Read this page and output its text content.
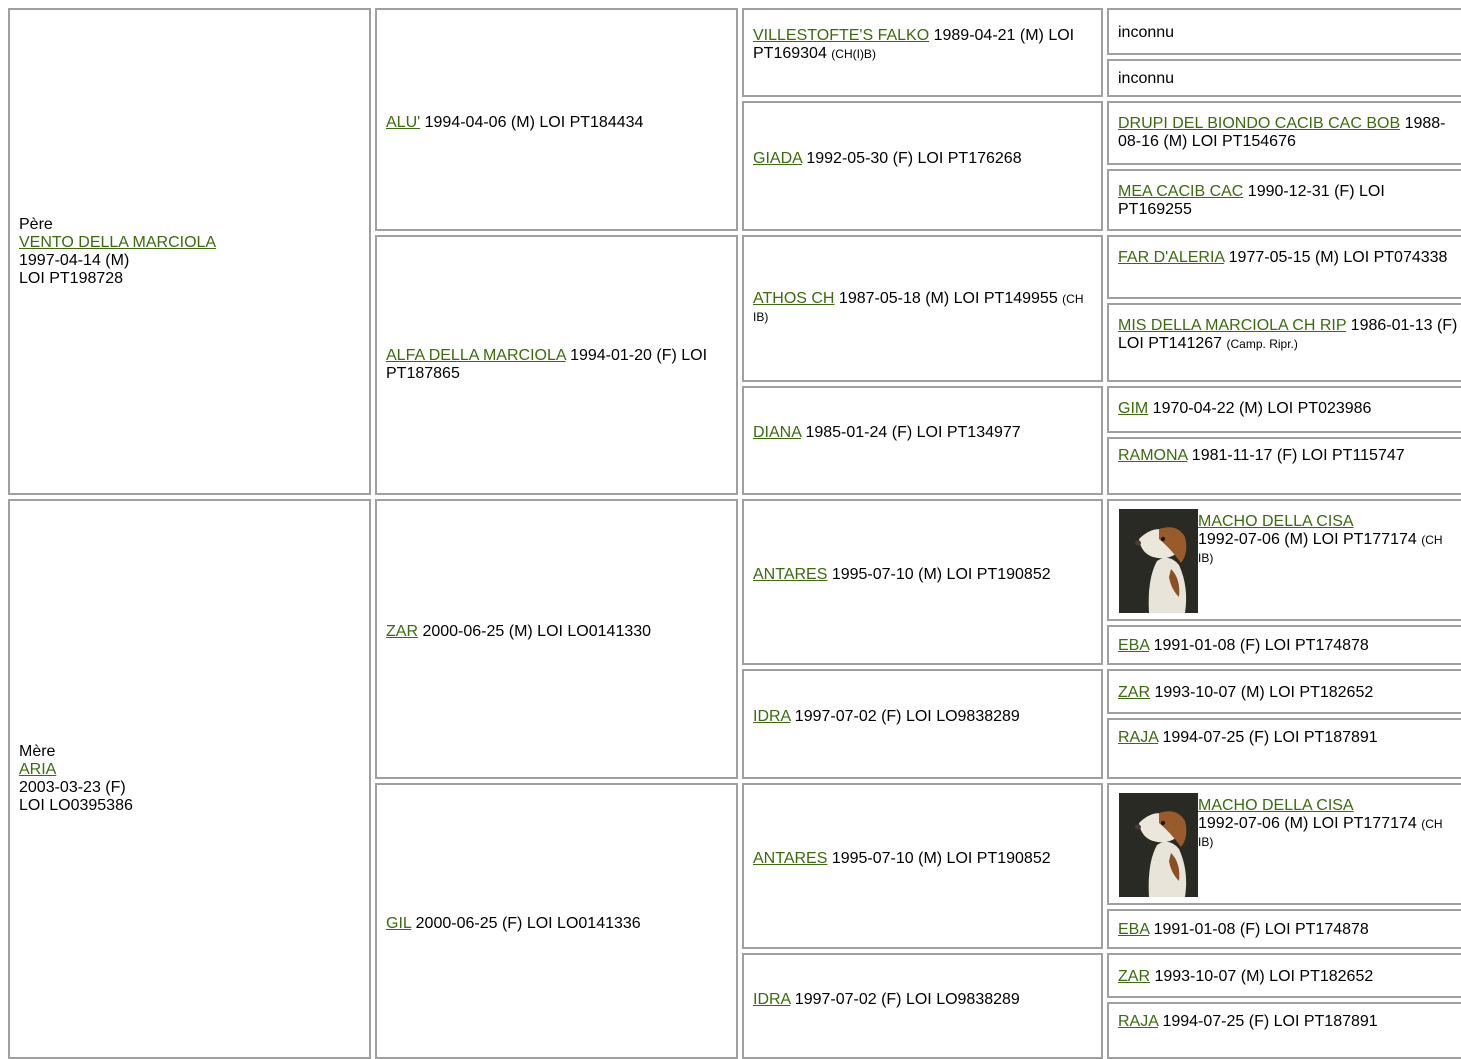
Père
VENTO DELLA MARCIOLA
1997-04-14 (M)
LOI PT198728
Mère
ARIA
2003-03-23 (F)
LOI LO0395386
ALU' 1994-04-06 (M) LOI PT184434
ALFA DELLA MARCIOLA 1994-01-20 (F) LOI PT187865
ZAR 2000-06-25 (M) LOI LO0141330
GIL 2000-06-25 (F) LOI LO0141336
VILLESTOFTE'S FALKO 1989-04-21 (M) LOI PT169304 (CH(I)B)
GIADA 1992-05-30 (F) LOI PT176268
ATHOS CH 1987-05-18 (M) LOI PT149955 (CH IB)
DIANA 1985-01-24 (F) LOI PT134977
ANTARES 1995-07-10 (M) LOI PT190852
IDRA 1997-07-02 (F) LOI LO9838289
ANTARES 1995-07-10 (M) LOI PT190852
IDRA 1997-07-02 (F) LOI LO9838289
inconnu
inconnu
DRUPI DEL BIONDO CACIB CAC BOB 1988-08-16 (M) LOI PT154676
MEA CACIB CAC 1990-12-31 (F) LOI PT169255
FAR D'ALERIA 1977-05-15 (M) LOI PT074338
MIS DELLA MARCIOLA CH RIP 1986-01-13 (F) LOI PT141267 (Camp. Ripr.)
GIM 1970-04-22 (M) LOI PT023986
RAMONA 1981-11-17 (F) LOI PT115747
MACHO DELLA CISA
1992-07-06 (M) LOI PT177174 (CH IB)
EBA 1991-01-08 (F) LOI PT174878
ZAR 1993-10-07 (M) LOI PT182652
RAJA 1994-07-25 (F) LOI PT187891
MACHO DELLA CISA
1992-07-06 (M) LOI PT177174 (CH IB)
EBA 1991-01-08 (F) LOI PT174878
ZAR 1993-10-07 (M) LOI PT182652
RAJA 1994-07-25 (F) LOI PT187891
